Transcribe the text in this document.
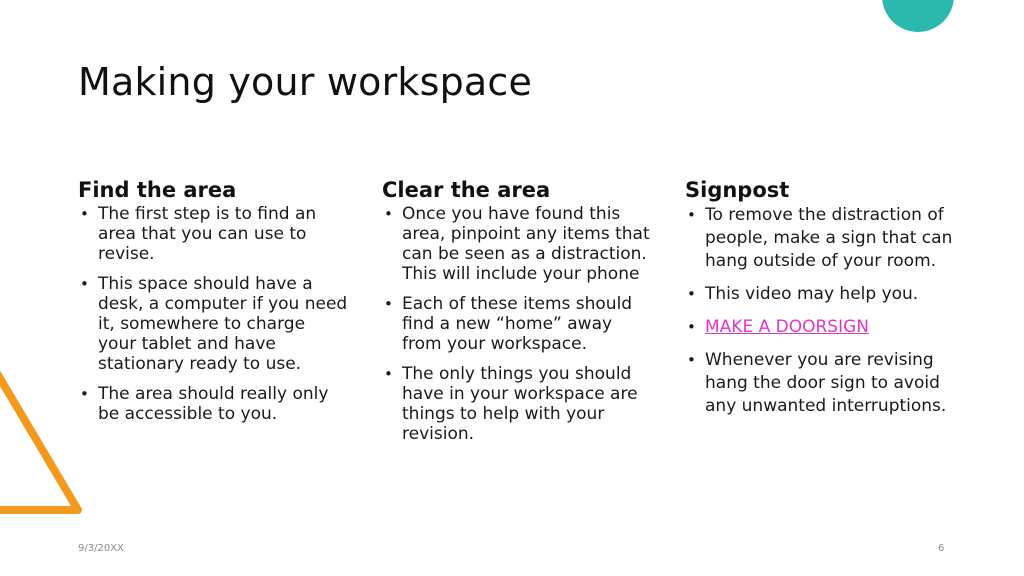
Making your workspace
Find the area
• The first step is to find an area that you can use to revise.
• This space should have a desk, a computer if you need it, somewhere to charge your tablet and have stationary ready to use.
• The area should really only be accessible to you.
Clear the area
• Once you have found this area, pinpoint any items that can be seen as a distraction. This will include your phone
• Each of these items should find a new “home” away from your workspace.
• The only things you should have in your workspace are things to help with your revision.
Signpost
• To remove the distraction of people, make a sign that can hang outside of your room.
• This video may help you.
• MAKE A DOORSIGN
• Whenever you are revising hang the door sign to avoid any unwanted interruptions.
9/3/20XX	6
